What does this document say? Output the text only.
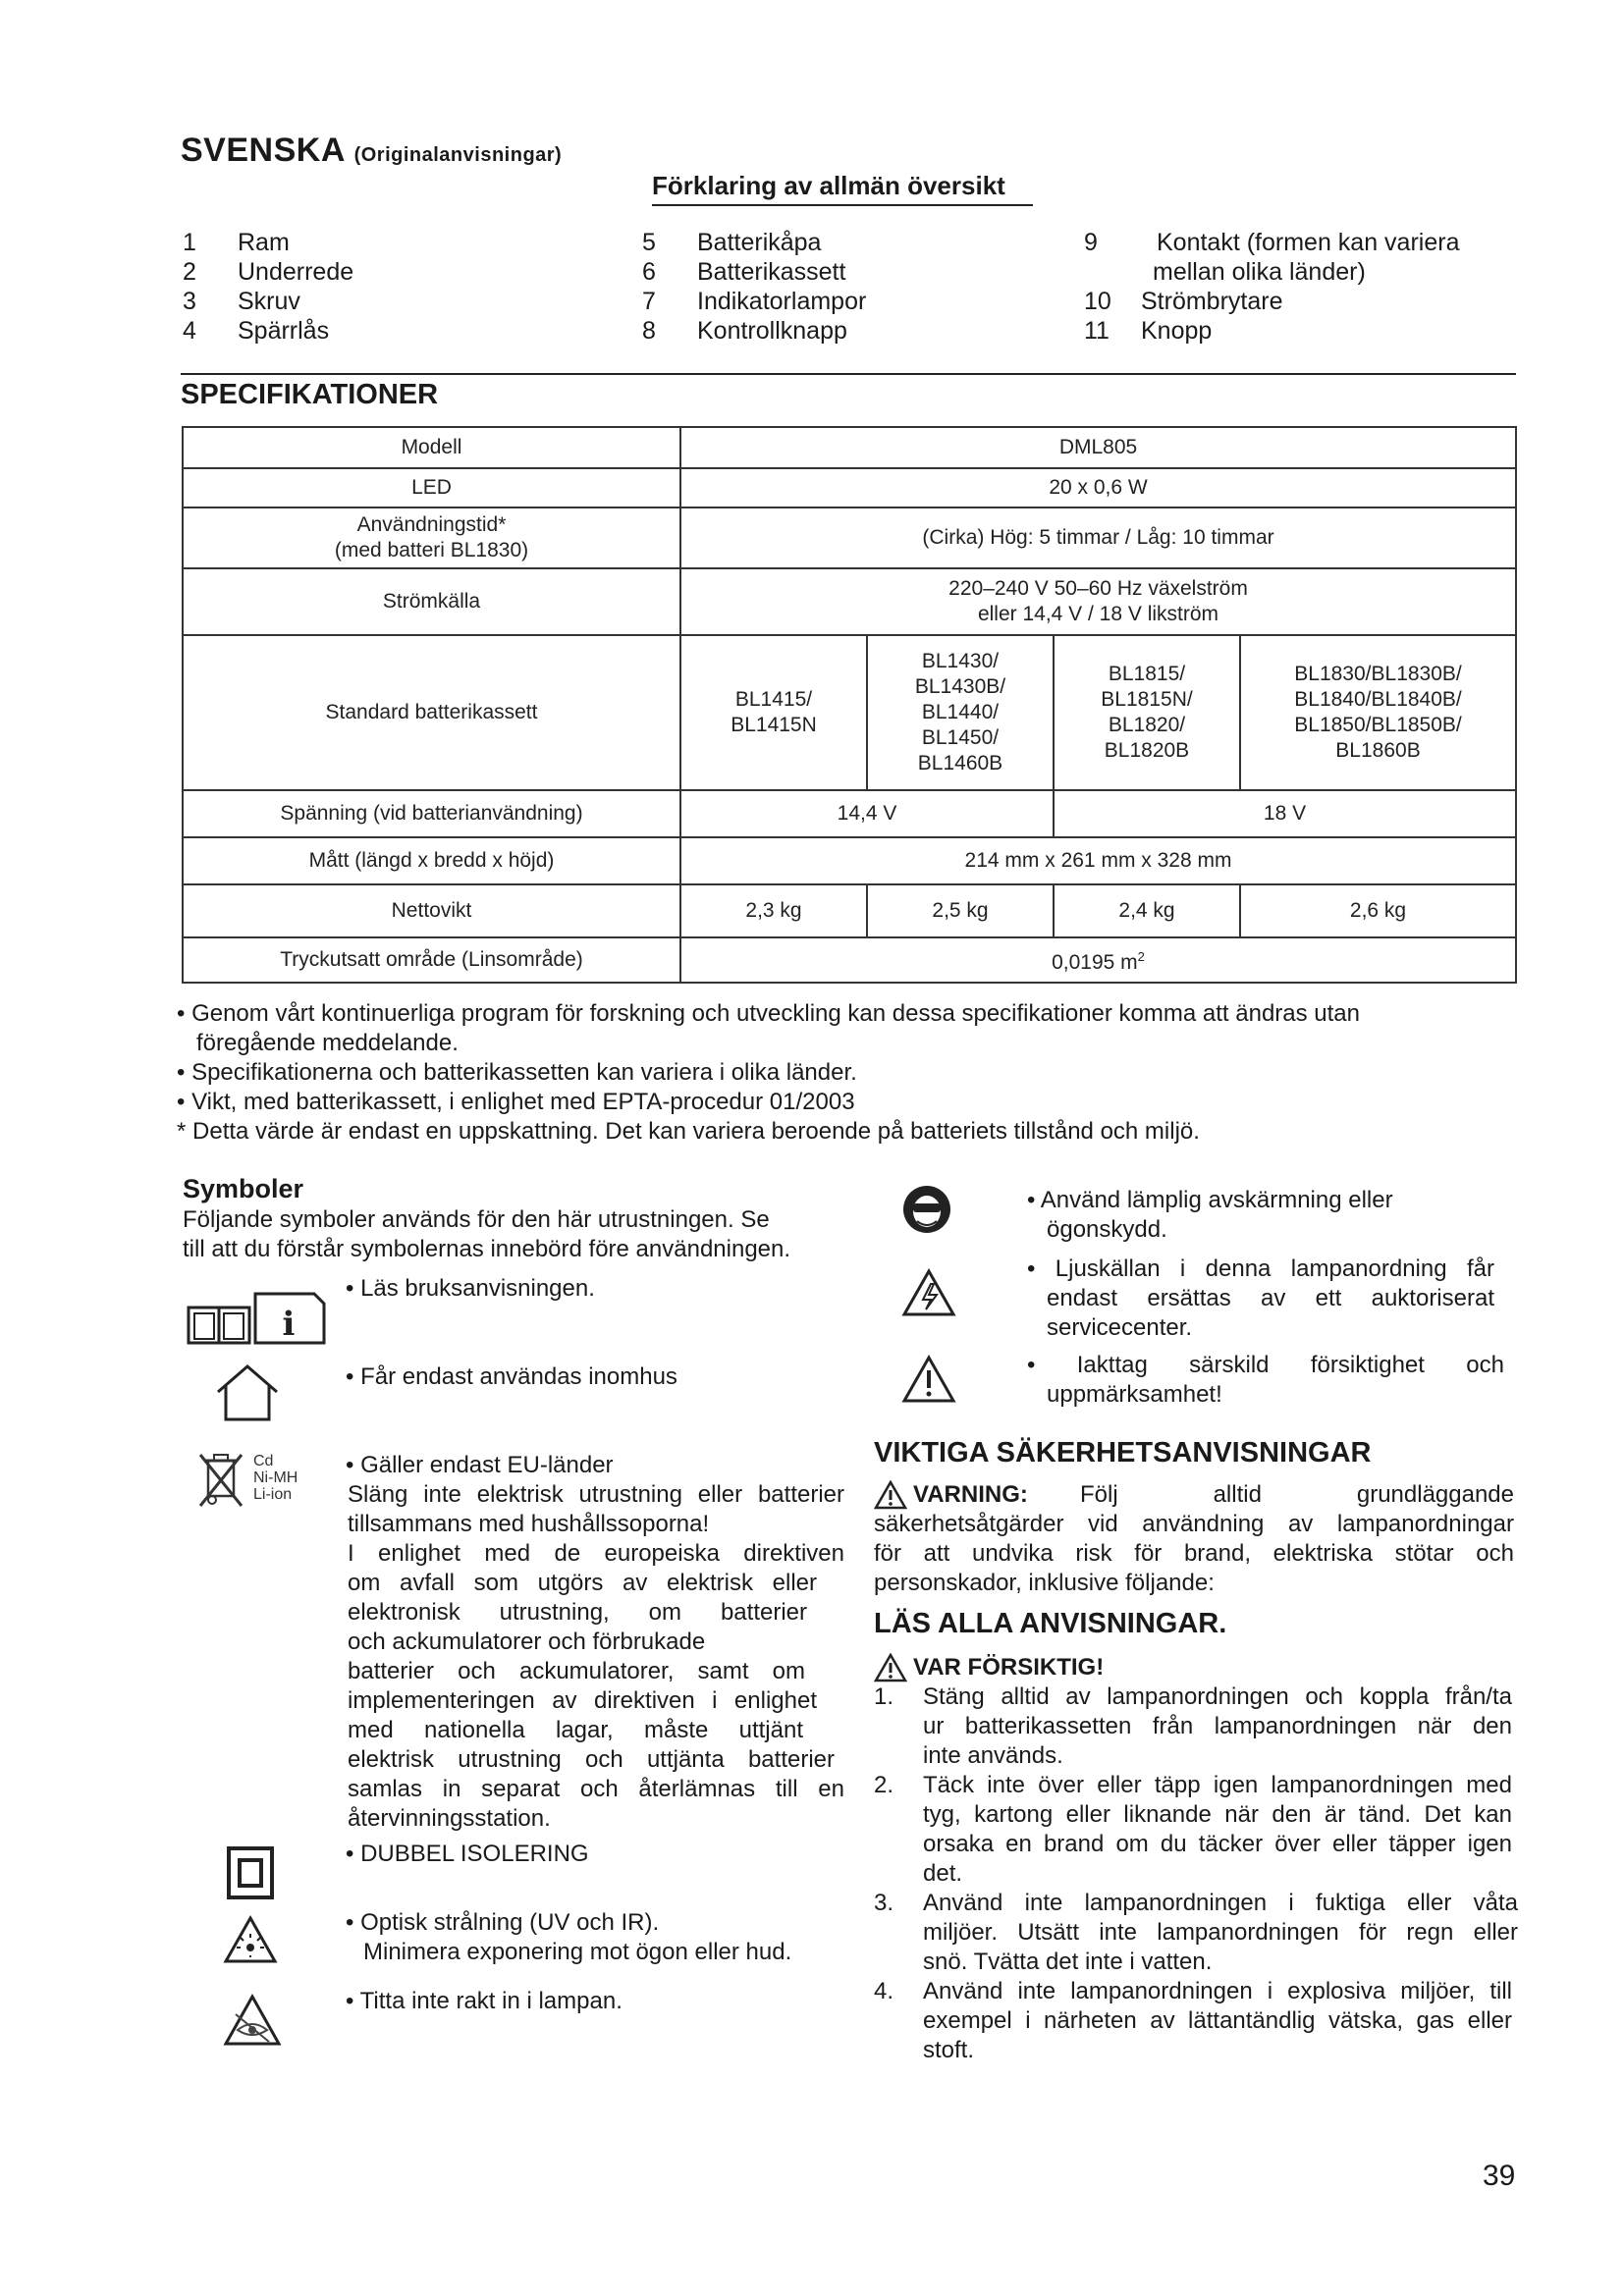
SVENSKA (Originalanvisningar)
Förklaring av allmän översikt
1 Ram
2 Underrede
3 Skruv
4 Spärrlås
5 Batterikåpa
6 Batterikassett
7 Indikatorlampor
8 Kontrollknapp
9 Kontakt (formen kan variera
mellan olika länder)
10 Strömbrytare
11 Knopp
SPECIFIKATIONER
Modell	DML805			
LED	20 x 0,6 W			
Användningstid*
(med batteri BL1830)	(Cirka) Hög: 5 timmar / Låg: 10 timmar			
Strömkälla	220–240 V 50–60 Hz växelström
eller 14,4 V / 18 V likström			
Standard batterikassett	BL1415/
BL1415N	BL1430/
BL1430B/
BL1440/
BL1450/
BL1460B	BL1815/
BL1815N/
BL1820/
BL1820B	BL1830/BL1830B/
BL1840/BL1840B/
BL1850/BL1850B/
BL1860B
Spänning (vid batterianvändning)	14,4 V		18 V	
Mått (längd x bredd x höjd)	214 mm x 261 mm x 328 mm			
Nettovikt	2,3 kg	2,5 kg	2,4 kg	2,6 kg
Tryckutsatt område (Linsområde)	0,0195 $m^2$
• Genom vårt kontinuerliga program för forskning och utveckling kan dessa specifikationer komma att ändras utan
föregående meddelande.
• Specifikationerna och batterikassetten kan variera i olika länder.
• Vikt, med batterikassett, i enlighet med EPTA-procedur 01/2003
* Detta värde är endast en uppskattning. Det kan variera beroende på batteriets tillstånd och miljö.
Symboler
Följande symboler används för den här utrustningen. Se
till att du förstår symbolernas innebörd före användningen.
i
• Läs bruksanvisningen.
• Får endast användas inomhus
Cd
Ni-MH
Li-ion
• Gäller endast EU-länder
Släng inte elektrisk utrustning eller batterier
tillsammans med hushållssoporna!
I enlighet med de europeiska direktiven
om avfall som utgörs av elektrisk eller
elektronisk utrustning, om batterier
och ackumulatorer och förbrukade
batterier och ackumulatorer, samt om
implementeringen av direktiven i enlighet
med nationella lagar, måste uttjänt
elektrisk utrustning och uttjänta batterier
samlas in separat och återlämnas till en
återvinningsstation.
• DUBBEL ISOLERING
• Optisk strålning (UV och IR).
Minimera exponering mot ögon eller hud.
• Titta inte rakt in i lampan.
• Använd lämplig avskärmning eller
ögonskydd.
• Ljuskällan i denna lampanordning får
endast ersättas av ett auktoriserat
servicecenter.
• Iakttag särskild försiktighet och
uppmärksamhet!
VIKTIGA SÄKERHETSANVISNINGAR
VARNING:	Följ alltid grundläggande
säkerhetsåtgärder vid användning av lampanordningar
för att undvika risk för brand, elektriska stötar och
personskador, inklusive följande:
LÄS ALLA ANVISNINGAR.
VAR FÖRSIKTIG!
1. Stäng alltid av lampanordningen och koppla från/ta
ur batterikassetten från lampanordningen när den
inte används.
2. Täck inte över eller täpp igen lampanordningen med
tyg, kartong eller liknande när den är tänd. Det kan
orsaka en brand om du täcker över eller täpper igen
det.
3. Använd inte lampanordningen i fuktiga eller våta
miljöer. Utsätt inte lampanordningen för regn eller
snö. Tvätta det inte i vatten.
4. Använd inte lampanordningen i explosiva miljöer, till
exempel i närheten av lättantändlig vätska, gas eller
stoft.
39
